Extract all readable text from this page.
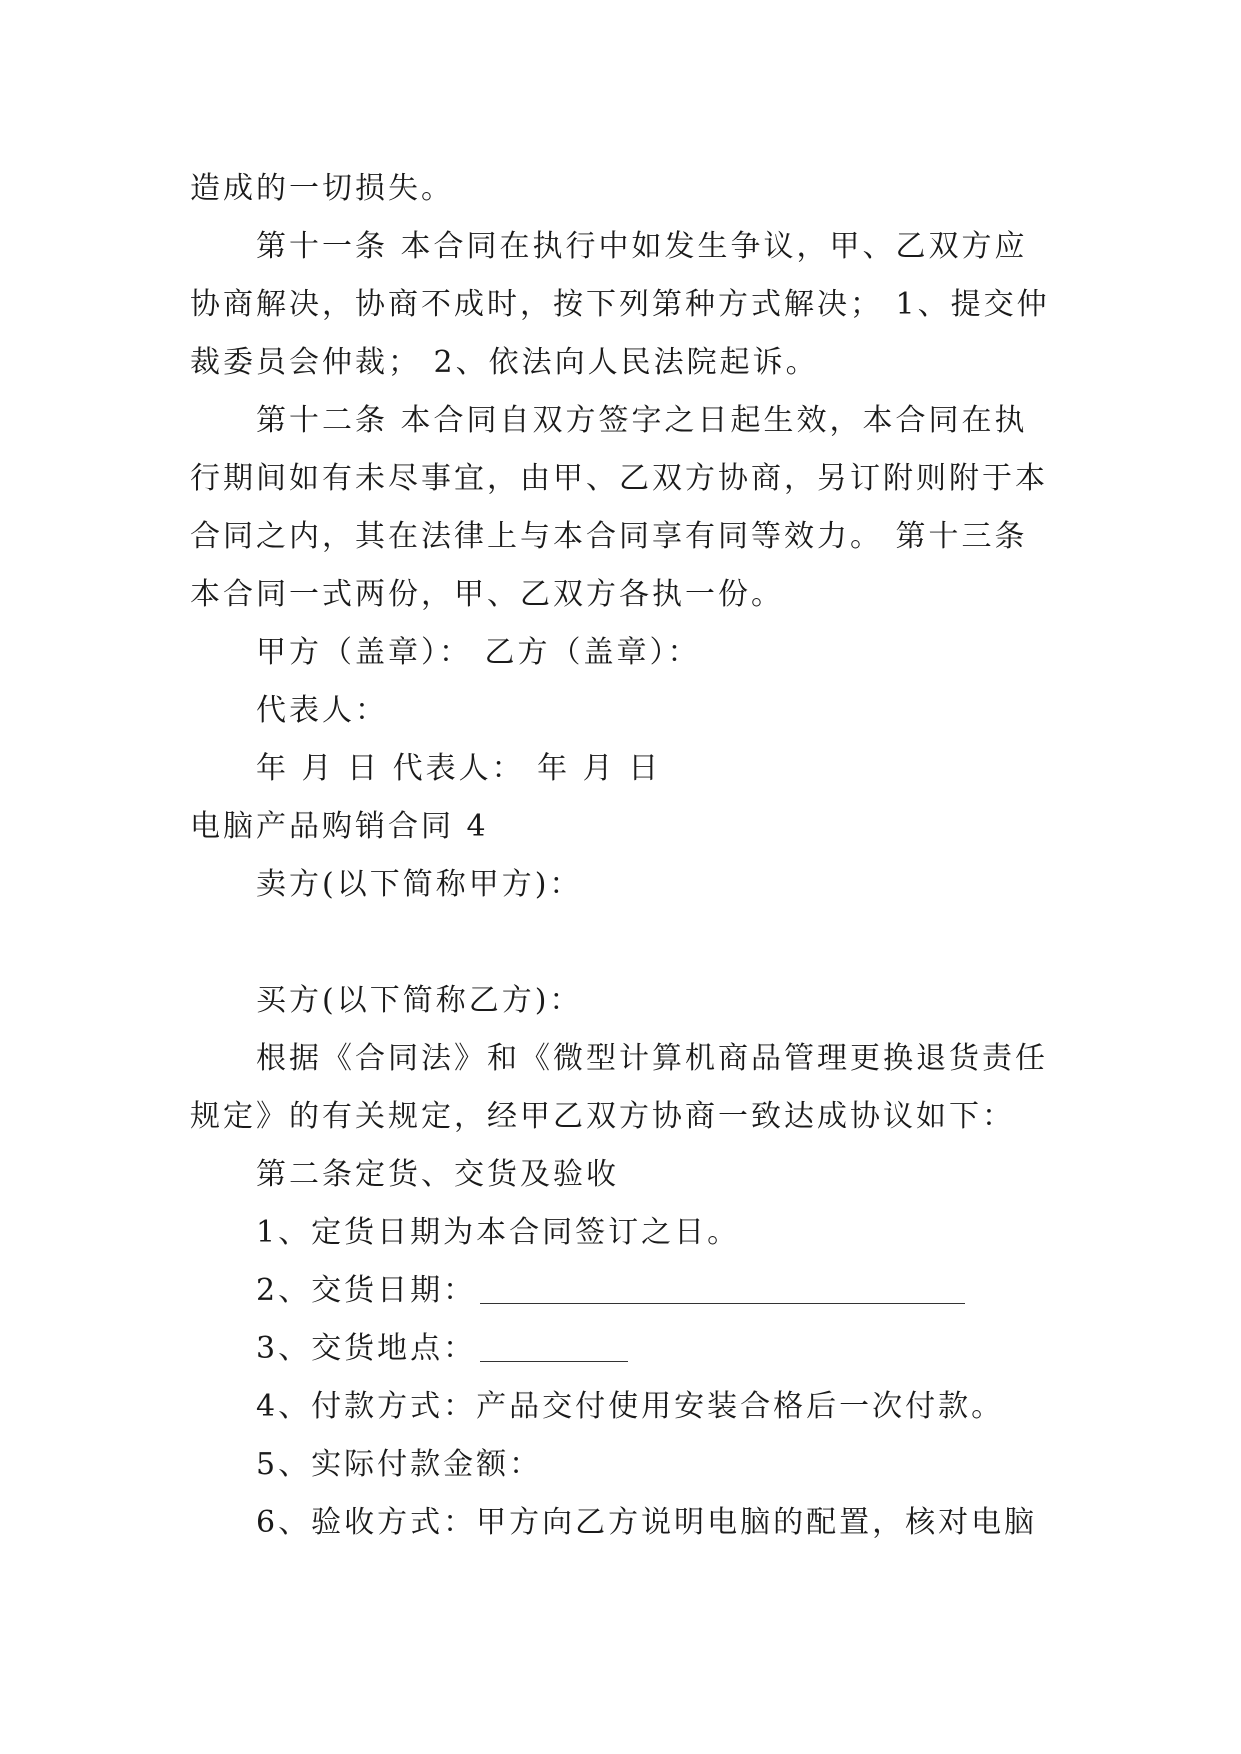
造成的一切损失。
第十一条 本合同在执行中如发生争议，甲、乙双方应
协商解决，协商不成时，按下列第种方式解决； 1、提交仲
裁委员会仲裁； 2、依法向人民法院起诉。
第十二条 本合同自双方签字之日起生效，本合同在执
行期间如有未尽事宜，由甲、乙双方协商，另订附则附于本
合同之内，其在法律上与本合同享有同等效力。 第十三条
本合同一式两份，甲、乙双方各执一份。
甲方（盖章）： 乙方（盖章）：
代表人：
年 月 日 代表人： 年 月 日
电脑产品购销合同 4
卖方(以下简称甲方)：
买方(以下简称乙方)：
根据《合同法》和《微型计算机商品管理更换退货责任
规定》的有关规定，经甲乙双方协商一致达成协议如下：
第二条定货、交货及验收
1、定货日期为本合同签订之日。
2、交货日期：
3、交货地点：
4、付款方式：产品交付使用安装合格后一次付款。
5、实际付款金额：
6、验收方式：甲方向乙方说明电脑的配置，核对电脑
